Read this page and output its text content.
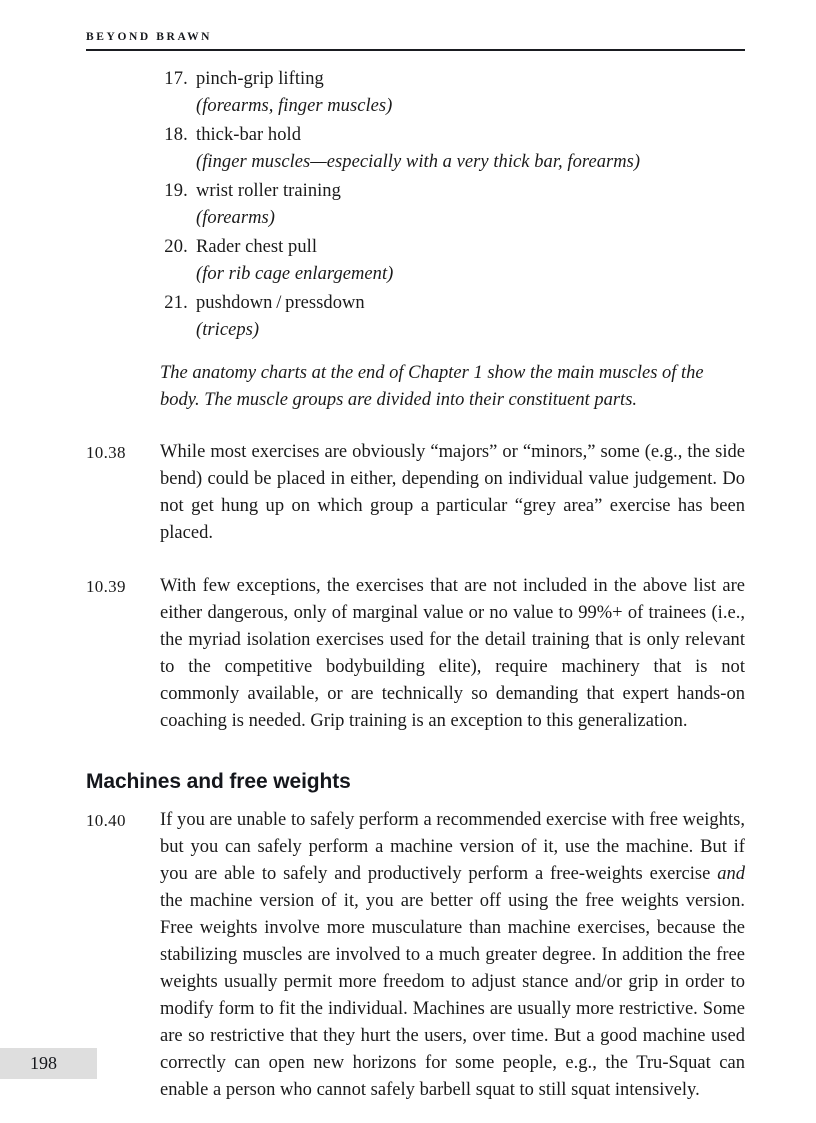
BEYOND BRAWN
17. pinch-grip lifting
(forearms, finger muscles)
18. thick-bar hold
(finger muscles—especially with a very thick bar, forearms)
19. wrist roller training
(forearms)
20. Rader chest pull
(for rib cage enlargement)
21. pushdown / pressdown
(triceps)

The anatomy charts at the end of Chapter 1 show the main muscles of the body. The muscle groups are divided into their constituent parts.

10.38 While most exercises are obviously “majors” or “minors,” some (e.g., the side bend) could be placed in either, depending on individual value judgement. Do not get hung up on which group a particular “grey area” exercise has been placed.
10.39 With few exceptions, the exercises that are not included in the above list are either dangerous, only of marginal value or no value to 99%+ of trainees (i.e., the myriad isolation exercises used for the detail training that is only relevant to the competitive bodybuilding elite), require machinery that is not commonly available, or are technically so demanding that expert hands-on coaching is needed. Grip training is an exception to this generalization.
Machines and free weights
10.40 If you are unable to safely perform a recommended exercise with free weights, but you can safely perform a machine version of it, use the machine. But if you are able to safely and productively perform a free-weights exercise and the machine version of it, you are better off using the free weights version. Free weights involve more musculature than machine exercises, because the stabilizing muscles are involved to a much greater degree. In addition the free weights usually permit more freedom to adjust stance and/or grip in order to modify form to fit the individual. Machines are usually more restrictive. Some are so restrictive that they hurt the users, over time. But a good machine used correctly can open new horizons for some people, e.g., the Tru-Squat can enable a person who cannot safely barbell squat to still squat intensively.
198
